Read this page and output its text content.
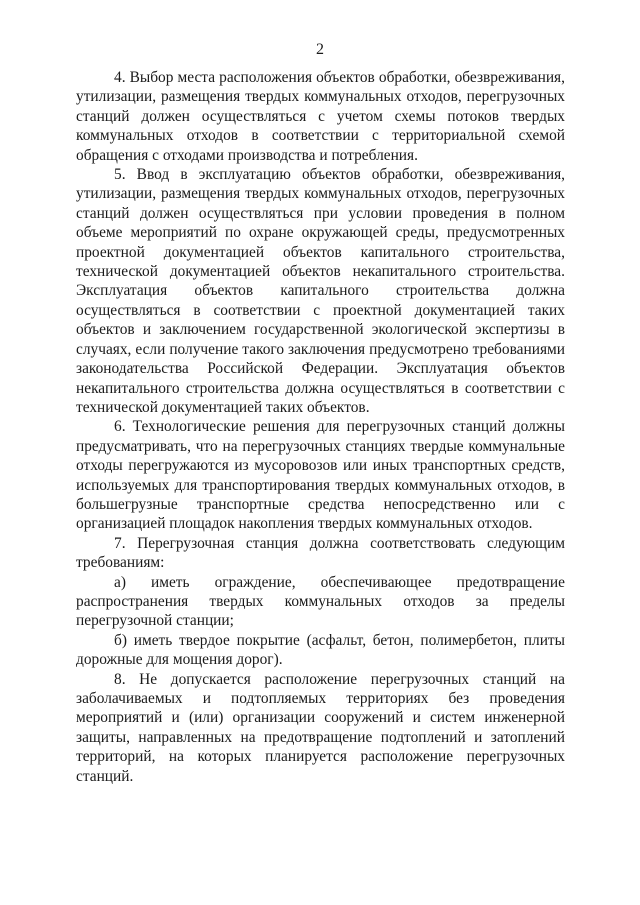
2

4. Выбор места расположения объектов обработки, обезвреживания, утилизации, размещения твердых коммунальных отходов, перегрузочных станций должен осуществляться с учетом схемы потоков твердых коммунальных отходов в соответствии с территориальной схемой обращения с отходами производства и потребления.

5. Ввод в эксплуатацию объектов обработки, обезвреживания, утилизации, размещения твердых коммунальных отходов, перегрузочных станций должен осуществляться при условии проведения в полном объеме мероприятий по охране окружающей среды, предусмотренных проектной документацией объектов капитального строительства, технической документацией объектов некапитального строительства. Эксплуатация объектов капитального строительства должна осуществляться в соответствии с проектной документацией таких объектов и заключением государственной экологической экспертизы в случаях, если получение такого заключения предусмотрено требованиями законодательства Российской Федерации. Эксплуатация объектов некапитального строительства должна осуществляться в соответствии с технической документацией таких объектов.

6. Технологические решения для перегрузочных станций должны предусматривать, что на перегрузочных станциях твердые коммунальные отходы перегружаются из мусоровозов или иных транспортных средств, используемых для транспортирования твердых коммунальных отходов, в большегрузные транспортные средства непосредственно или с организацией площадок накопления твердых коммунальных отходов.

7. Перегрузочная станция должна соответствовать следующим требованиям:

а) иметь ограждение, обеспечивающее предотвращение распространения твердых коммунальных отходов за пределы перегрузочной станции;

б) иметь твердое покрытие (асфальт, бетон, полимербетон, плиты дорожные для мощения дорог).

8. Не допускается расположение перегрузочных станций на заболачиваемых и подтопляемых территориях без проведения мероприятий и (или) организации сооружений и систем инженерной защиты, направленных на предотвращение подтоплений и затоплений территорий, на которых планируется расположение перегрузочных станций.
